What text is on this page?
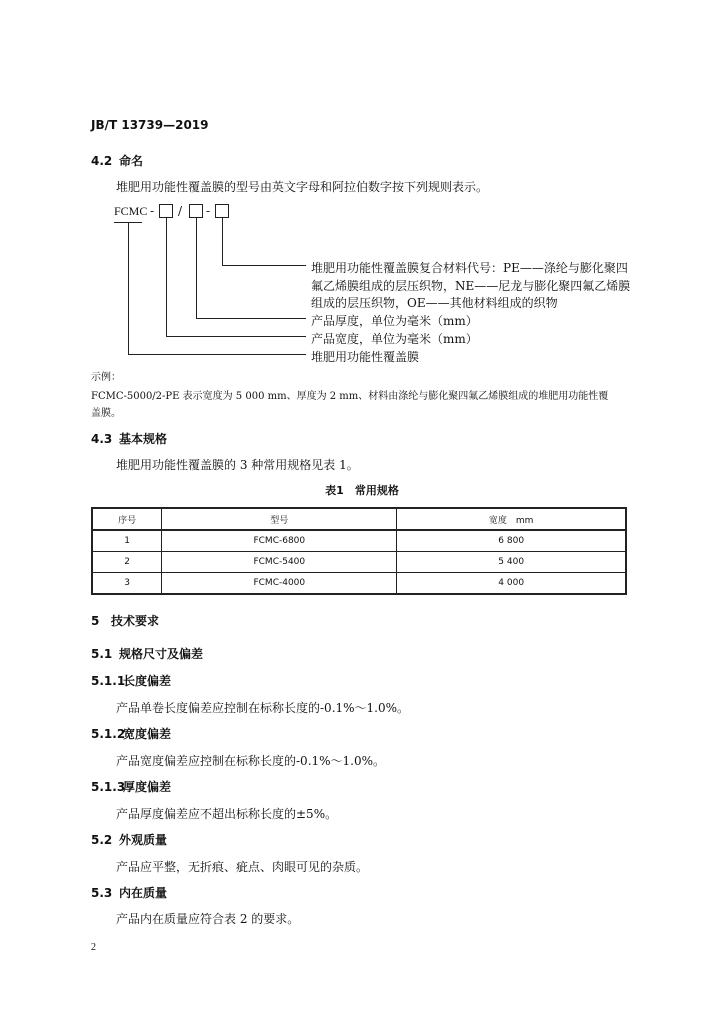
JB/T 13739—2019
4.2 命名
堆肥用功能性覆盖膜的型号由英文字母和阿拉伯数字按下列规则表示。
FCMC - / -
堆肥用功能性覆盖膜复合材料代号：PE——涤纶与膨化聚四
氟乙烯膜组成的层压织物，NE——尼龙与膨化聚四氟乙烯膜
组成的层压织物，OE——其他材料组成的织物
产品厚度，单位为毫米（mm）
产品宽度，单位为毫米（mm）
堆肥用功能性覆盖膜
示例：
FCMC-5000/2-PE 表示宽度为 5 000 mm、厚度为 2 mm、材料由涤纶与膨化聚四氟乙烯膜组成的堆肥用功能性覆
盖膜。
4.3 基本规格
堆肥用功能性覆盖膜的 3 种常用规格见表 1。
表1　常用规格
序号	型号	宽度　mm
1	FCMC-6800	6 800
2	FCMC-5400	5 400
3	FCMC-4000	4 000
5 技术要求
5.1 规格尺寸及偏差
5.1.1长度偏差
产品单卷长度偏差应控制在标称长度的-0.1%～1.0%。
5.1.2宽度偏差
产品宽度偏差应控制在标称长度的-0.1%～1.0%。
5.1.3厚度偏差
产品厚度偏差应不超出标称长度的±5%。
5.2 外观质量
产品应平整，无折痕、疵点、肉眼可见的杂质。
5.3 内在质量
产品内在质量应符合表 2 的要求。
2
